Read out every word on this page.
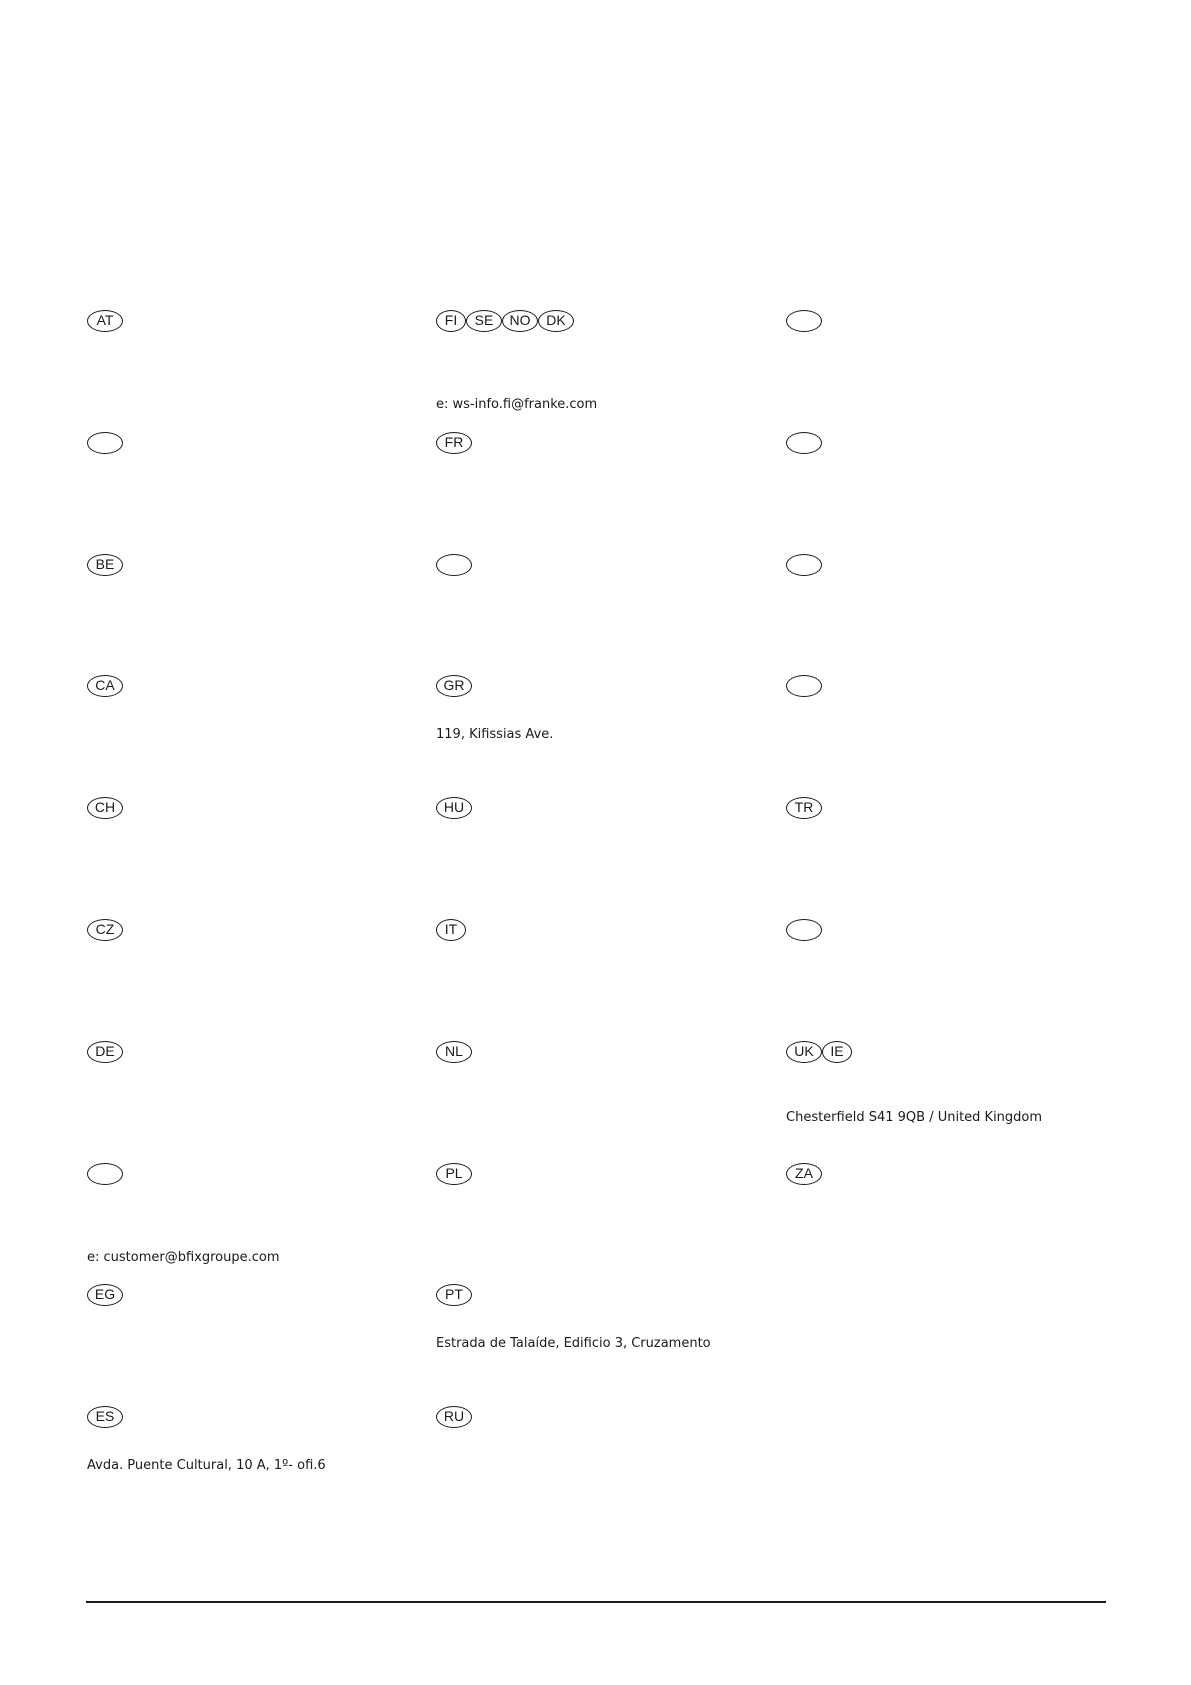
AT
BE
CA
CH
CZ
DE

e: customer@bfixgroupe.com

EG
ES

Avda. Puente Cultural, 10 A, 1º- ofi.6

FI SE NO DK

e: ws-info.fi@franke.com

FR
GR

119, Kifissias Ave.

HU
IT
NL
PL
PT

Estrada de Talaíde, Edificio 3, Cruzamento

RU
TR
UK IE

Chesterfield S41 9QB / United Kingdom

ZA
